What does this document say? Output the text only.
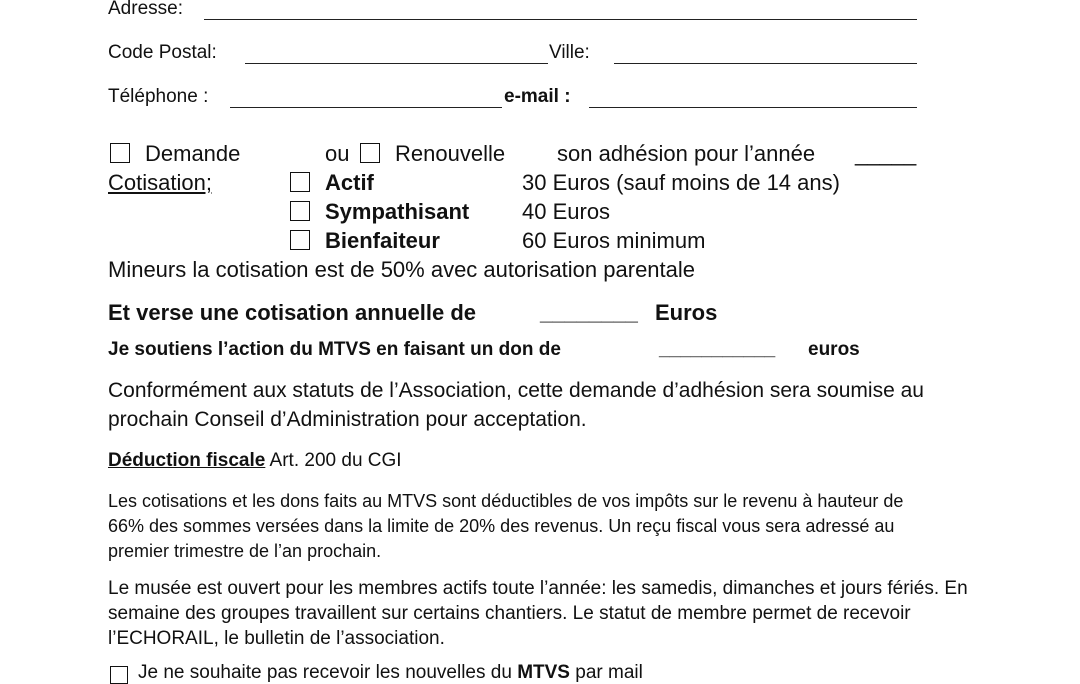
Adresse:
Code Postal:	Ville:
Téléphone :	e-mail :
Demande	ou Renouvelle son adhésion pour l’année _____
Cotisation;	Actif	30 Euros (sauf moins de 14 ans)
Sympathisant 40 Euros
Bienfaiteur	60 Euros minimum
Mineurs la cotisation est de 50% avec autorisation parentale
Et verse une cotisation annuelle de	________ Euros
Je soutiens l’action du MTVS en faisant un don de	___________ euros
Conformément aux statuts de l’Association, cette demande d’adhésion sera soumise au prochain Conseil d’Administration pour acceptation.
Déduction fiscale Art. 200 du CGI
Les cotisations et les dons faits au MTVS sont déductibles de vos impôts sur le revenu à hauteur de 66% des sommes versées dans la limite de 20% des revenus. Un reçu fiscal vous sera adressé au premier trimestre de l’an prochain.
Le musée est ouvert pour les membres actifs toute l’année: les samedis, dimanches et jours fériés. En semaine des groupes travaillent sur certains chantiers. Le statut de membre permet de recevoir l’ECHORAIL, le bulletin de l’association.
Je ne souhaite pas recevoir les nouvelles du MTVS par mail
